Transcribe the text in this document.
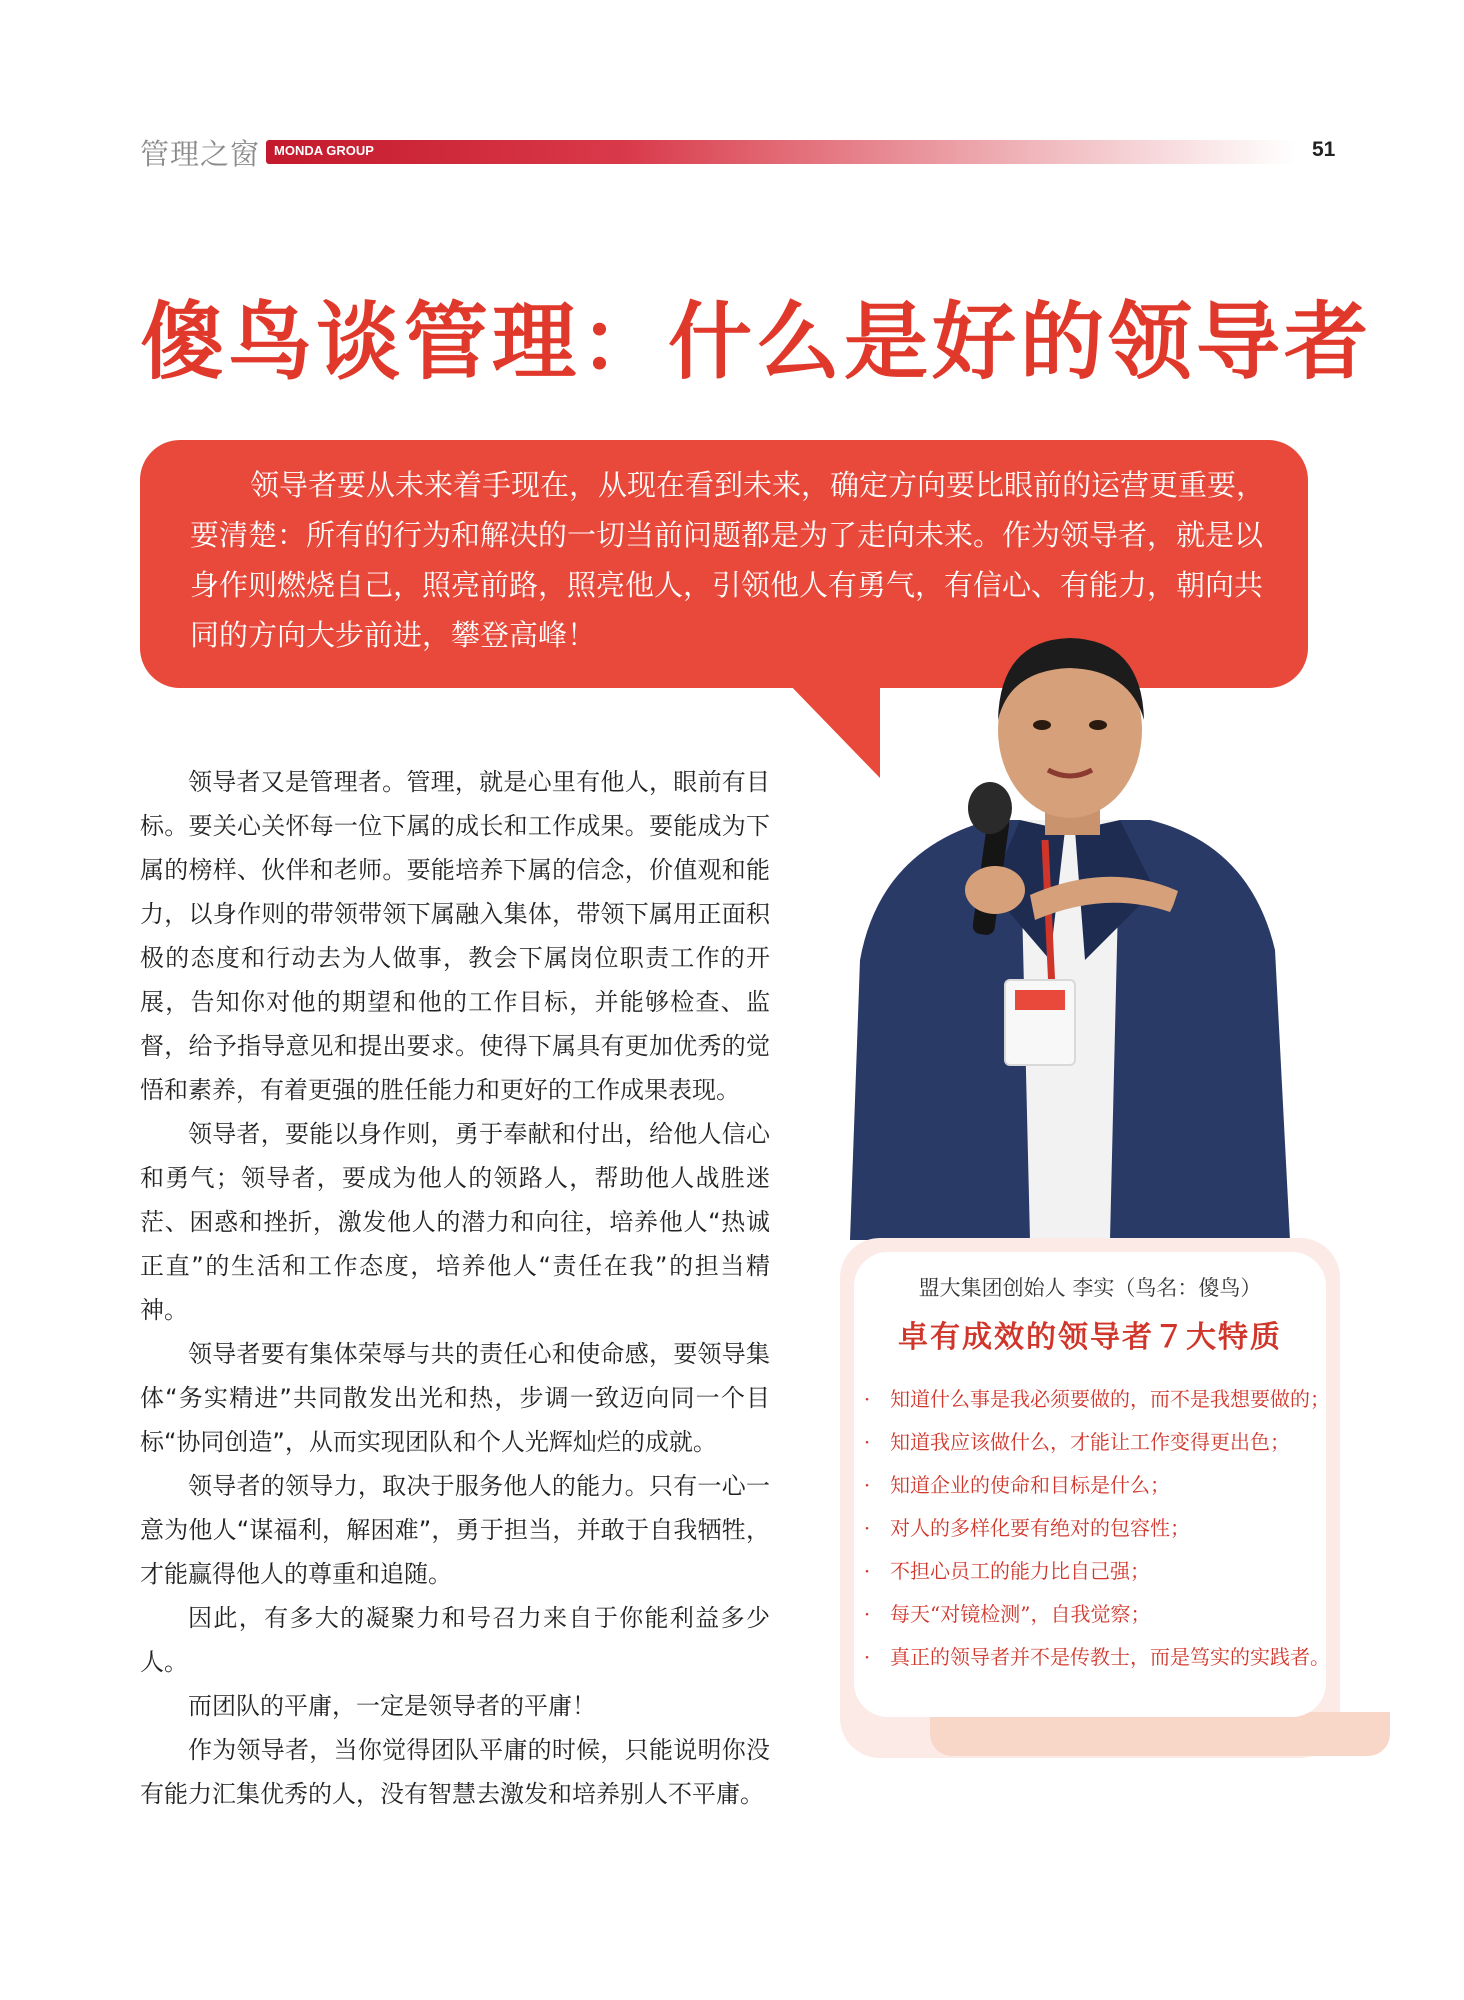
管理之窗 MONDA GROUP	51
傻鸟谈管理：什么是好的领导者
领导者要从未来着手现在，从现在看到未来，确定方向要比眼前的运营更重要，要清楚：所有的行为和解决的一切当前问题都是为了走向未来。作为领导者，就是以身作则燃烧自己，照亮前路，照亮他人，引领他人有勇气，有信心、有能力，朝向共同的方向大步前进，攀登高峰！

领导者又是管理者。管理，就是心里有他人，眼前有目标。要关心关怀每一位下属的成长和工作成果。要能成为下属的榜样、伙伴和老师。要能培养下属的信念，价值观和能力，以身作则的带领带领下属融入集体，带领下属用正面积极的态度和行动去为人做事，教会下属岗位职责工作的开展，告知你对他的期望和他的工作目标，并能够检查、监督，给予指导意见和提出要求。使得下属具有更加优秀的觉悟和素养，有着更强的胜任能力和更好的工作成果表现。

领导者，要能以身作则，勇于奉献和付出，给他人信心和勇气；领导者，要成为他人的领路人，帮助他人战胜迷茫、困惑和挫折，激发他人的潜力和向往，培养他人“热诚正直”的生活和工作态度，培养他人“责任在我”的担当精神。

领导者要有集体荣辱与共的责任心和使命感，要领导集体“务实精进”共同散发出光和热，步调一致迈向同一个目标“协同创造”，从而实现团队和个人光辉灿烂的成就。

领导者的领导力，取决于服务他人的能力。只有一心一意为他人“谋福利，解困难”，勇于担当，并敢于自我牺牲，才能赢得他人的尊重和追随。

因此，有多大的凝聚力和号召力来自于你能利益多少人。

而团队的平庸，一定是领导者的平庸！

作为领导者，当你觉得团队平庸的时候，只能说明你没有能力汇集优秀的人，没有智慧去激发和培养别人不平庸。

盟大集团创始人 李实（鸟名：傻鸟）
卓有成效的领导者７大特质
· 知道什么事是我必须要做的，而不是我想要做的；
· 知道我应该做什么，才能让工作变得更出色；
· 知道企业的使命和目标是什么；
· 对人的多样化要有绝对的包容性；
· 不担心员工的能力比自己强；
· 每天“对镜检测”，自我觉察；
· 真正的领导者并不是传教士，而是笃实的实践者。
